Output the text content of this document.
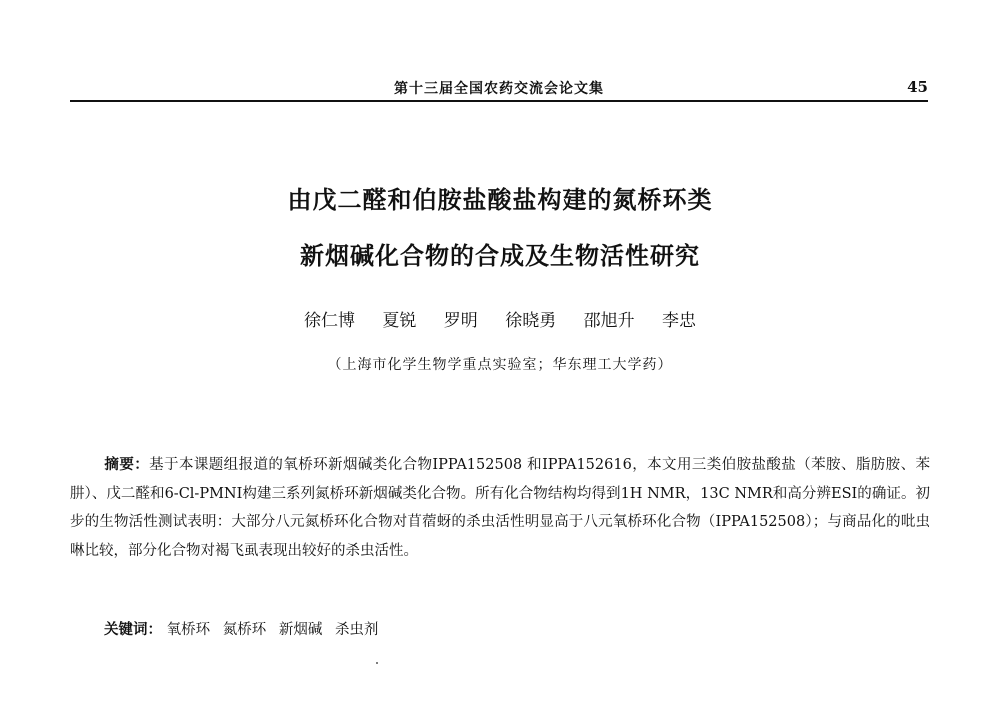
第十三届全国农药交流会论文集	45
由戊二醛和伯胺盐酸盐构建的氮桥环类
新烟碱化合物的合成及生物活性研究
徐仁博 夏锐 罗明 徐晓勇 邵旭升 李忠
（上海市化学生物学重点实验室；华东理工大学药）
摘要：基于本课题组报道的氧桥环新烟碱类化合物IPPA152508 和IPPA152616，本文用三类伯胺盐酸盐（苯胺、脂肪胺、苯肼）、戊二醛和6-Cl-PMNI构建三系列氮桥环新烟碱类化合物。所有化合物结构均得到1H NMR，13C NMR和高分辨ESI的确证。初步的生物活性测试表明：大部分八元氮桥环化合物对苜蓿蚜的杀虫活性明显高于八元氧桥环化合物（IPPA152508）；与商品化的吡虫啉比较，部分化合物对褐飞虱表现出较好的杀虫活性。
关键词： 氧桥环 氮桥环 新烟碱 杀虫剂
